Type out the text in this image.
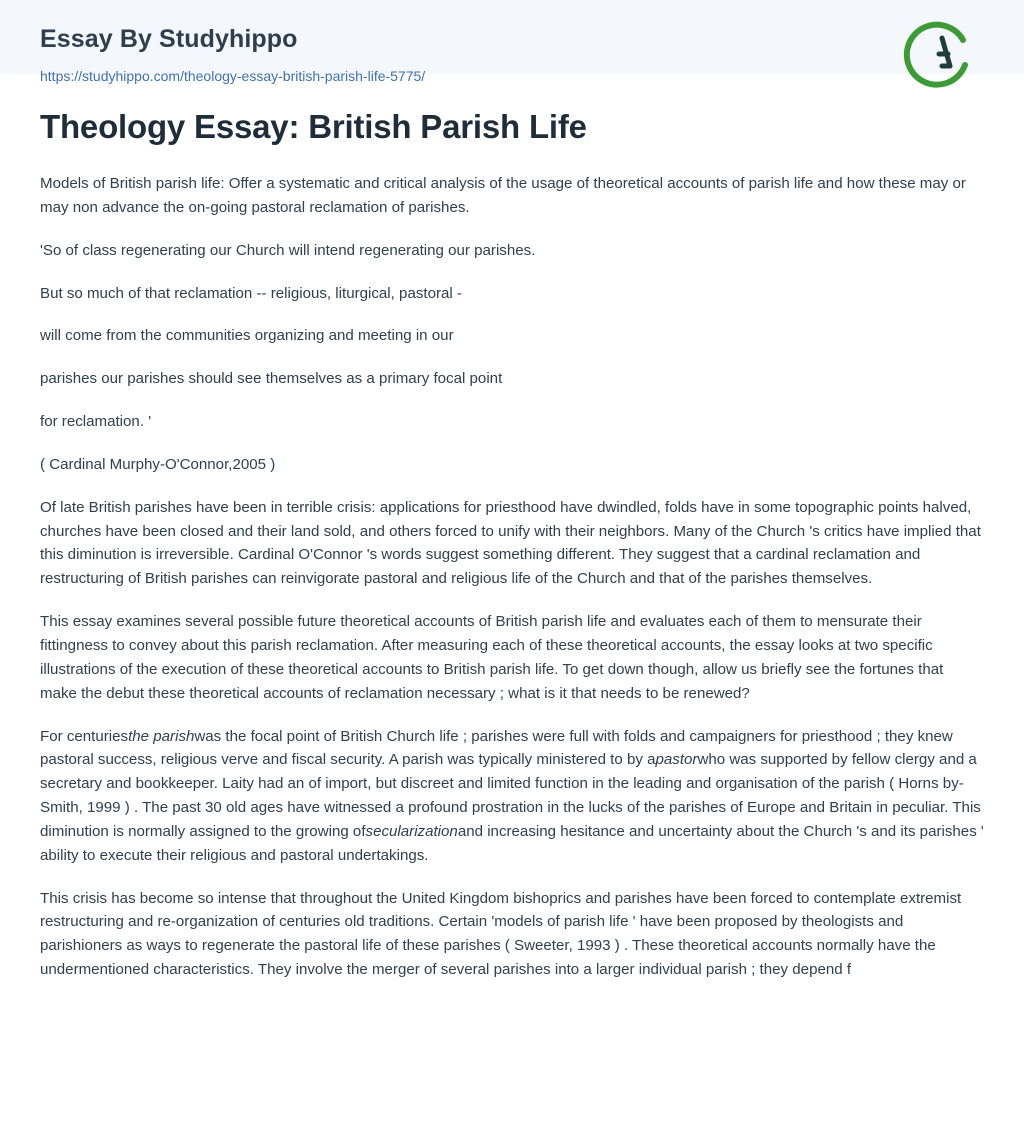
Essay By Studyhippo
https://studyhippo.com/theology-essay-british-parish-life-5775/
Theology Essay: British Parish Life

Models of British parish life: Offer a systematic and critical analysis of the usage of theoretical accounts of parish life and how these may or may non advance the on-going pastoral reclamation of parishes.

'So of class regenerating our Church will intend regenerating our parishes.

But so much of that reclamation -- religious, liturgical, pastoral -

will come from the communities organizing and meeting in our

parishes our parishes should see themselves as a primary focal point

for reclamation. '

( Cardinal Murphy-O'Connor,2005 )

Of late British parishes have been in terrible crisis: applications for priesthood have dwindled, folds have in some topographic points halved, churches have been closed and their land sold, and others forced to unify with their neighbors. Many of the Church 's critics have implied that this diminution is irreversible. Cardinal O'Connor 's words suggest something different. They suggest that a cardinal reclamation and restructuring of British parishes can reinvigorate pastoral and religious life of the Church and that of the parishes themselves.

This essay examines several possible future theoretical accounts of British parish life and evaluates each of them to mensurate their fittingness to convey about this parish reclamation. After measuring each of these theoretical accounts, the essay looks at two specific illustrations of the execution of these theoretical accounts to British parish life. To get down though, allow us briefly see the fortunes that make the debut these theoretical accounts of reclamation necessary ; what is it that needs to be renewed?

For centuriesthe parishwas the focal point of British Church life ; parishes were full with folds and campaigners for priesthood ; they knew pastoral success, religious verve and fiscal security. A parish was typically ministered to by apastorwho was supported by fellow clergy and a secretary and bookkeeper. Laity had an of import, but discreet and limited function in the leading and organisation of the parish ( Horns by-Smith, 1999 ) . The past 30 old ages have witnessed a profound prostration in the lucks of the parishes of Europe and Britain in peculiar. This diminution is normally assigned to the growing ofsecularizationand increasing hesitance and uncertainty about the Church 's and its parishes ' ability to execute their religious and pastoral undertakings.

This crisis has become so intense that throughout the United Kingdom bishoprics and parishes have been forced to contemplate extremist restructuring and re-organization of centuries old traditions. Certain 'models of parish life ' have been proposed by theologists and parishioners as ways to regenerate the pastoral life of these parishes ( Sweeter, 1993 ) . These theoretical accounts normally have the undermentioned characteristics. They involve the merger of several parishes into a larger individual parish ; they depend f
